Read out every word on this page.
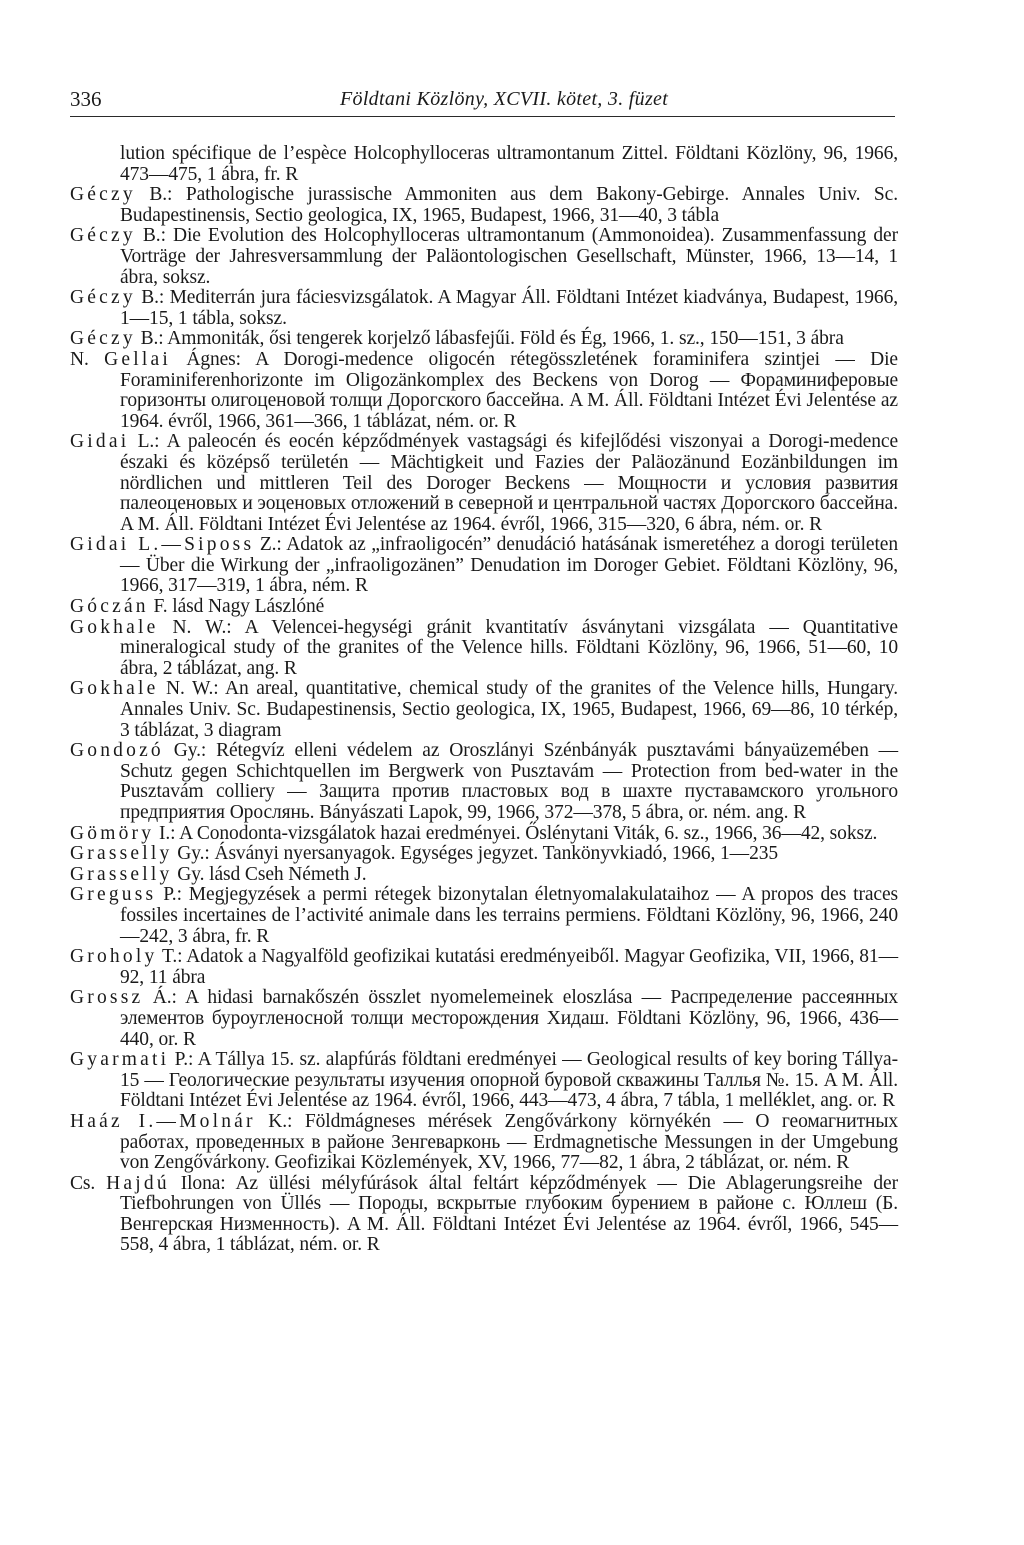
336	Földtani Közlöny, XCVII. kötet, 3. füzet

lution spécifique de l’espèce Holcophylloceras ultramontanum Zittel. Földtani Közlöny, 96, 1966, 473—475, 1 ábra, fr. R

Géczy B.: Pathologische jurassische Ammoniten aus dem Bakony-Gebirge. Annales Univ. Sc. Budapestinensis, Sectio geologica, IX, 1965, Budapest, 1966, 31—40, 3 tábla

Géczy B.: Die Evolution des Holcophylloceras ultramontanum (Ammonoidea). Zusammenfassung der Vorträge der Jahresversammlung der Paläontologischen Gesellschaft, Münster, 1966, 13—14, 1 ábra, soksz.

Géczy B.: Mediterrán jura fáciesvizsgálatok. A Magyar Áll. Földtani Intézet kiadványa, Budapest, 1966, 1—15, 1 tábla, soksz.

Géczy B.: Ammoniták, ősi tengerek korjelző lábasfejűi. Föld és Ég, 1966, 1. sz., 150—151, 3 ábra

N. Gellai Ágnes: A Dorogi-medence oligocén rétegösszletének foraminifera szintjei — Die Foraminiferenhorizonte im Oligozänkomplex des Beckens von Dorog — Фораминиферовые горизонты олигоценовой толщи Дорогского бассейна. A M. Áll. Földtani Intézet Évi Jelentése az 1964. évről, 1966, 361—366, 1 táblázat, ném. or. R

Gidai L.: A paleocén és eocén képződmények vastagsági és kifejlődési viszonyai a Dorogi-medence északi és középső területén — Mächtigkeit und Fazies der Paläozänund Eozänbildungen im nördlichen und mittleren Teil des Doroger Beckens — Мощности и условия развития палеоценовых и эоценовых отложений в северной и центральной частях Дорогского бассейна. A M. Áll. Földtani Intézet Évi Jelentése az 1964. évről, 1966, 315—320, 6 ábra, ném. or. R

Gidai L.—Siposs Z.: Adatok az „infraoligocén” denudáció hatásának ismeretéhez a dorogi területen — Über die Wirkung der „infraoligozänen” Denudation im Doroger Gebiet. Földtani Közlöny, 96, 1966, 317—319, 1 ábra, ném. R

Góczán F. lásd Nagy Lászlóné

Gokhale N. W.: A Velencei-hegységi gránit kvantitatív ásványtani vizsgálata — Quantitative mineralogical study of the granites of the Velence hills. Földtani Közlöny, 96, 1966, 51—60, 10 ábra, 2 táblázat, ang. R

Gokhale N. W.: An areal, quantitative, chemical study of the granites of the Velence hills, Hungary. Annales Univ. Sc. Budapestinensis, Sectio geologica, IX, 1965, Budapest, 1966, 69—86, 10 térkép, 3 táblázat, 3 diagram

Gondozó Gy.: Rétegvíz elleni védelem az Oroszlányi Szénbányák pusztavámi bányaüzemében — Schutz gegen Schichtquellen im Bergwerk von Pusztavám — Protection from bed-water in the Pusztavám colliery — Защита против пластовых вод в шахте пуставамского угольного предприятия Орослянь. Bányászati Lapok, 99, 1966, 372—378, 5 ábra, or. ném. ang. R

Gömöry I.: A Conodonta-vizsgálatok hazai eredményei. Őslénytani Viták, 6. sz., 1966, 36—42, soksz.

Grasselly Gy.: Ásványi nyersanyagok. Egységes jegyzet. Tankönyvkiadó, 1966, 1—235

Grasselly Gy. lásd Cseh Németh J.

Greguss P.: Megjegyzések a permi rétegek bizonytalan életnyomalakulataihoz — A propos des traces fossiles incertaines de l’activité animale dans les terrains permiens. Földtani Közlöny, 96, 1966, 240—242, 3 ábra, fr. R

Groholy T.: Adatok a Nagyalföld geofizikai kutatási eredményeiből. Magyar Geofizika, VII, 1966, 81—92, 11 ábra

Grossz Á.: A hidasi barnakőszén összlet nyomelemeinek eloszlása — Распределение рассеянных элементов буроугленосной толщи месторождения Хидаш. Földtani Közlöny, 96, 1966, 436—440, or. R

Gyarmati P.: A Tállya 15. sz. alapfúrás földtani eredményei — Geological results of key boring Tállya-15 — Геологические результаты изучения опорной буровой скважины Таллья №. 15. A M. Áll. Földtani Intézet Évi Jelentése az 1964. évről, 1966, 443—473, 4 ábra, 7 tábla, 1 melléklet, ang. or. R

Haáz I.—Molnár K.: Földmágneses mérések Zengővárkony környékén — О геомагнитных работах, проведенных в районе Зенгеварконь — Erdmagnetische Messungen in der Umgebung von Zengővárkony. Geofizikai Közlemények, XV, 1966, 77—82, 1 ábra, 2 táblázat, or. ném. R

Cs. Hajdú Ilona: Az üllési mélyfúrások által feltárt képződmények — Die Ablagerungsreihe der Tiefbohrungen von Üllés — Породы, вскрытые глубоким бурением в районе с. Юллеш (Б. Венгерская Низменность). A M. Áll. Földtani Intézet Évi Jelentése az 1964. évről, 1966, 545—558, 4 ábra, 1 táblázat, ném. or. R
